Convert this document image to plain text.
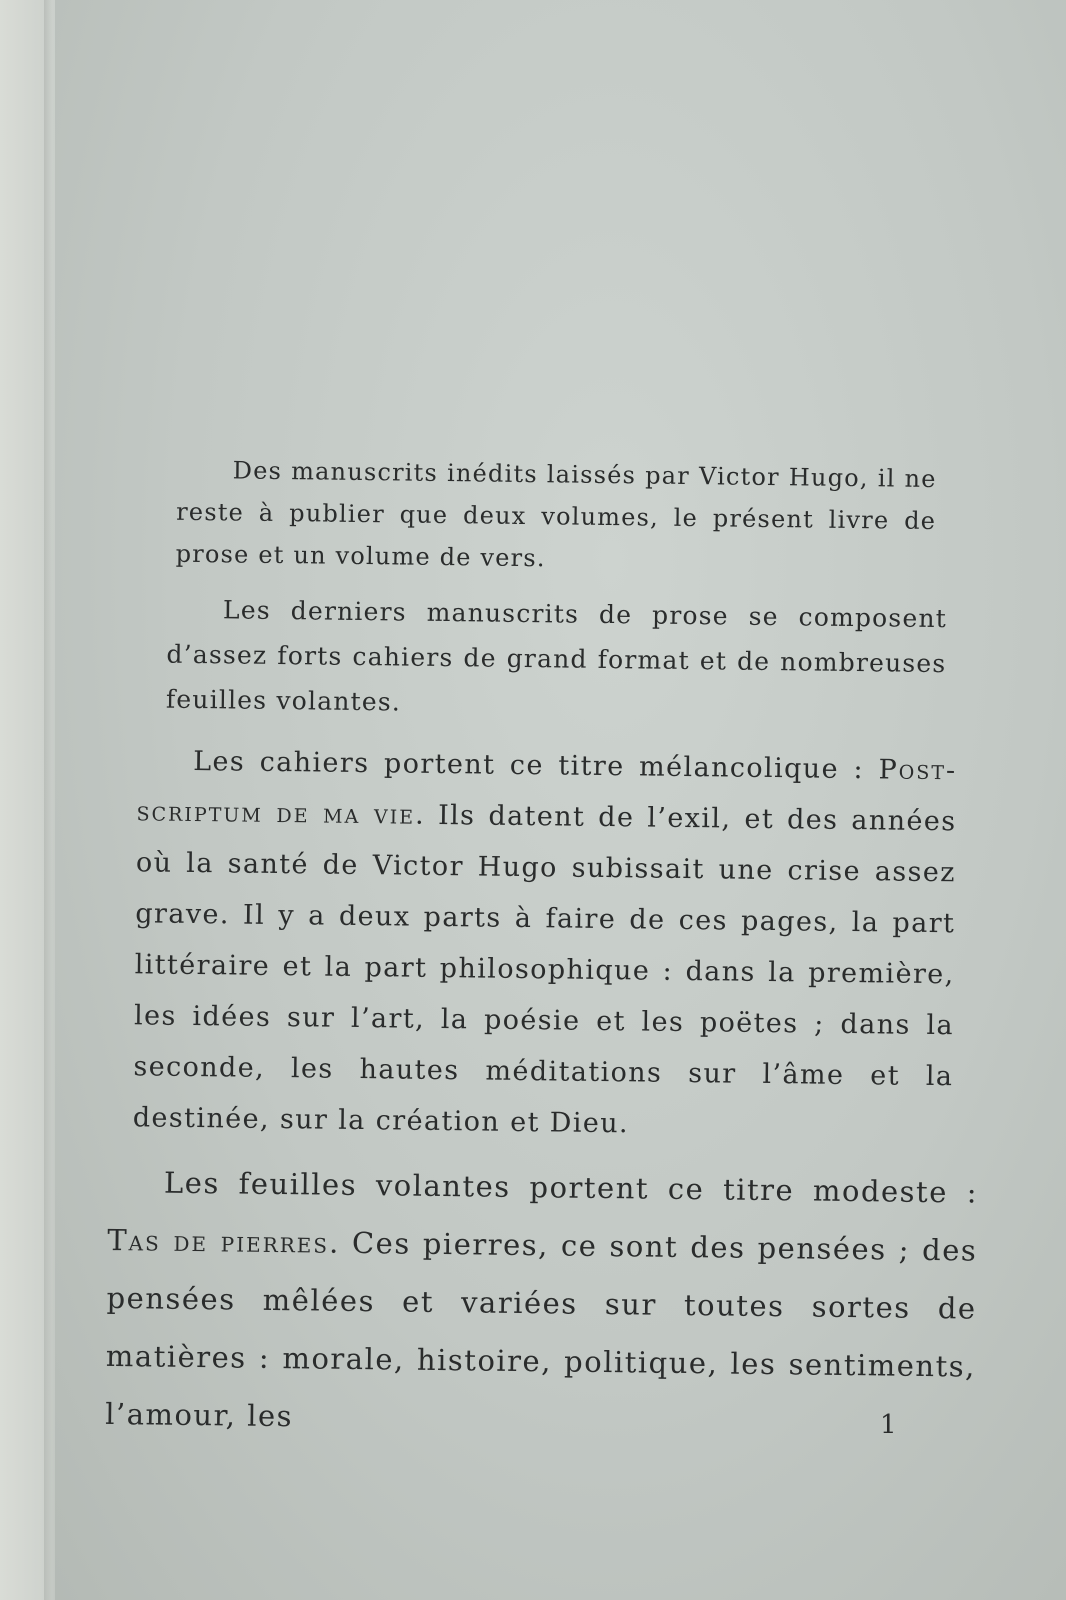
Des manuscrits inédits laissés par Victor Hugo, il ne reste à publier que deux volumes, le présent livre de prose et un volume de vers.

Les derniers manuscrits de prose se composent d’assez forts cahiers de grand format et de nombreuses feuilles volantes.

Les cahiers portent ce titre mélancolique : Post-scriptum de ma vie. Ils datent de l’exil, et des années où la santé de Victor Hugo subissait une crise assez grave. Il y a deux parts à faire de ces pages, la part littéraire et la part philosophique : dans la première, les idées sur l’art, la poésie et les poëtes ; dans la seconde, les hautes méditations sur l’âme et la destinée, sur la création et Dieu.

Les feuilles volantes portent ce titre modeste : Tas de pierres. Ces pierres, ce sont des pensées ; des pensées mêlées et variées sur toutes sortes de matières : morale, histoire, politique, les sentiments, l’amour, les	1
